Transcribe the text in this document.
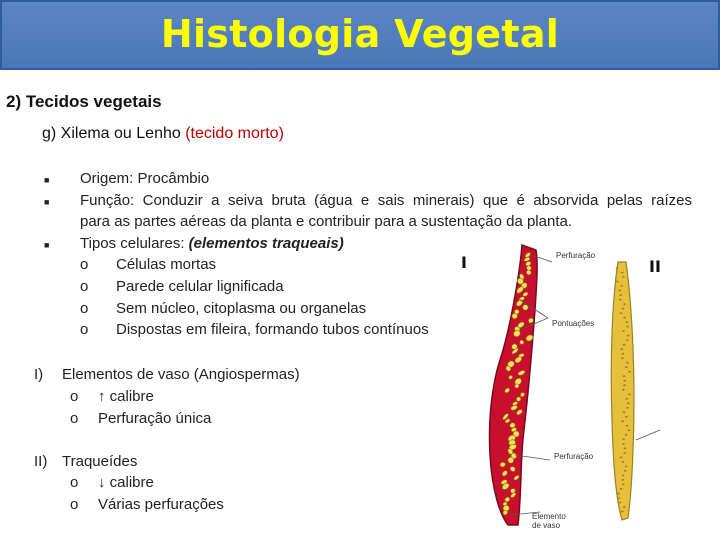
Histologia Vegetal
2) Tecidos vegetais
g) Xilema ou Lenho (tecido morto)
■ Origem: Procâmbio
■ Função: Conduzir a seiva bruta (água e sais minerais) que é absorvida pelas raízes
para as partes aéreas da planta e contribuir para a sustentação da planta.
■ Tipos celulares: (elementos traqueais)
o Células mortas
o Parede celular lignificada
o Sem núcleo, citoplasma ou organelas
o Dispostas em fileira, formando tubos contínuos
I) Elementos de vaso (Angiospermas)
o ↑ calibre
o Perfuração única
II) Traqueídes
o ↓ calibre
o Várias perfurações
I	II
Perfuração
Pontuações
Perfuração
Elemento
de vaso
